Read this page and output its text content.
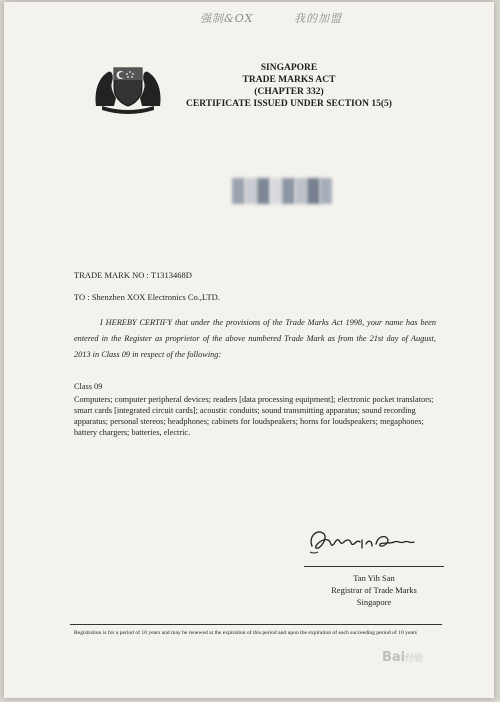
强制&OX	我的加盟
SINGAPORE
TRADE MARKS ACT
(CHAPTER 332)
CERTIFICATE ISSUED UNDER SECTION 15(5)
TRADE MARK NO : T1313468D
TO : Shenzhen XOX Electronics Co.,LTD.
I HEREBY CERTIFY that under the provisions of the Trade Marks Act 1998, your name has been entered in the Register as proprietor of the above numbered Trade Mark as from the 21st day of August, 2013 in Class 09 in respect of the following:
Class 09
Computers; computer peripheral devices; readers [data processing equipment]; electronic pocket translators; smart cards [integrated circuit cards]; acoustic conduits; sound transmitting apparatus; sound recording apparatus; personal stereos; headphones; cabinets for loudspeakers; horns for loudspeakers; megaphones; battery chargers; batteries, electric.
Tan Yih San
Registrar of Trade Marks
Singapore
Registration is for a period of 10 years and may be renewed at the expiration of this period and upon the expiration of each succeeding period of 10 years
Bai经验
